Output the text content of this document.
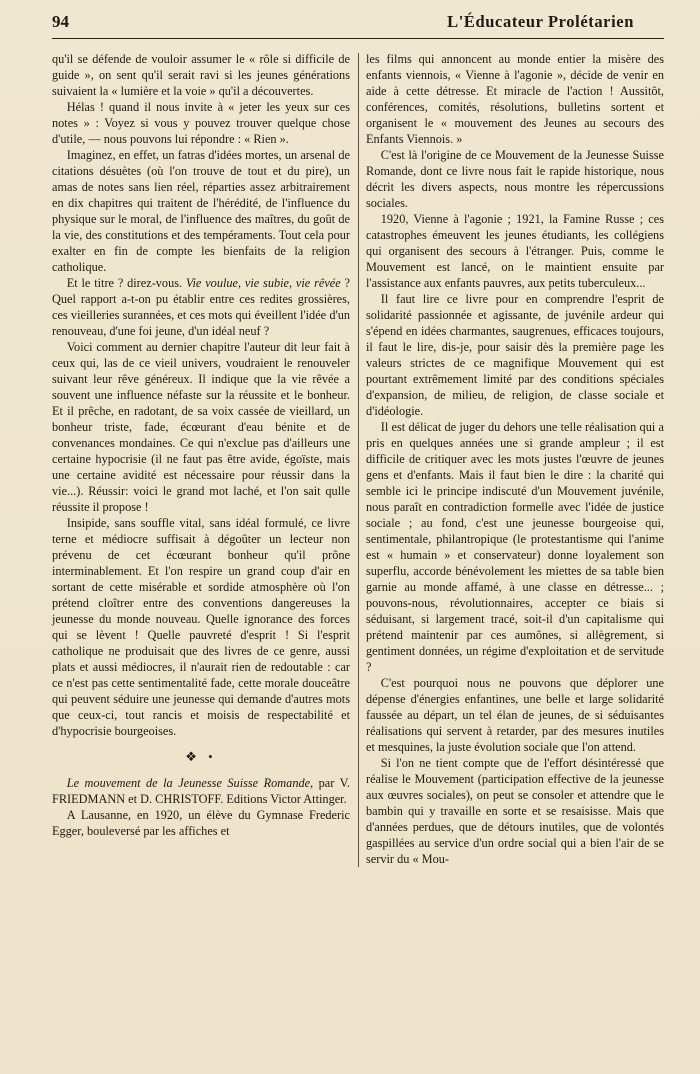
94	L'Éducateur Prolétarien

qu'il se défende de vouloir assumer le « rôle si difficile de guide », on sent qu'il serait ravi si les jeunes générations suivaient la « lumière et la voie » qu'il a découvertes.

Hélas ! quand il nous invite à « jeter les yeux sur ces notes » : Voyez si vous y pouvez trouver quelque chose d'utile, — nous pouvons lui répondre : « Rien ».

Imaginez, en effet, un fatras d'idées mortes, un arsenal de citations désuètes (où l'on trouve de tout et du pire), un amas de notes sans lien réel, réparties assez arbitrairement en dix chapitres qui traitent de l'hérédité, de l'influence du physique sur le moral, de l'influence des maîtres, du goût de la vie, des constitutions et des tempéraments. Tout cela pour exalter en fin de compte les bienfaits de la religion catholique.

Et le titre ? direz-vous. Vie voulue, vie subie, vie rêvée ? Quel rapport a-t-on pu établir entre ces redites grossières, ces vieilleries surannées, et ces mots qui éveillent l'idée d'un renouveau, d'une foi jeune, d'un idéal neuf ?

Voici comment au dernier chapitre l'auteur dit leur fait à ceux qui, las de ce vieil univers, voudraient le renouveler suivant leur rêve généreux. Il indique que la vie rêvée a souvent une influence néfaste sur la réussite et le bonheur. Et il prêche, en radotant, de sa voix cassée de vieillard, un bonheur triste, fade, écœurant d'eau bénite et de convenances mondaines. Ce qui n'exclue pas d'ailleurs une certaine hypocrisie (il ne faut pas être avide, égoïste, mais une certaine avidité est nécessaire pour réussir dans la vie...). Réussir: voici le grand mot laché, et l'on sait qulle réussite il propose !

Insipide, sans souffle vital, sans idéal formulé, ce livre terne et médiocre suffisait à dégoûter un lecteur non prévenu de cet écœurant bonheur qu'il prône interminablement. Et l'on respire un grand coup d'air en sortant de cette misérable et sordide atmosphère où l'on prétend cloîtrer entre des conventions dangereuses la jeunesse du monde nouveau. Quelle ignorance des forces qui se lèvent ! Quelle pauvreté d'esprit ! Si l'esprit catholique ne produisait que des livres de ce genre, aussi plats et aussi médiocres, il n'aurait rien de redoutable : car ce n'est pas cette sentimentalité fade, cette morale douceâtre qui peuvent séduire une jeunesse qui demande d'autres mots que ceux-ci, tout rancis et moisis de respectabilité et d'hypocrisie bourgeoises.

❖ •

Le mouvement de la Jeunesse Suisse Romande, par V. FRIEDMANN et D. CHRISTOFF. Editions Victor Attinger.

A Lausanne, en 1920, un élève du Gymnase Frederic Egger, bouleversé par les affiches et

les films qui annoncent au monde entier la misère des enfants viennois, « Vienne à l'agonie », décide de venir en aide à cette détresse. Et miracle de l'action ! Aussitôt, conférences, comités, résolutions, bulletins sortent et organisent le « mouvement des Jeunes au secours des Enfants Viennois. »

C'est là l'origine de ce Mouvement de la Jeunesse Suisse Romande, dont ce livre nous fait le rapide historique, nous décrit les divers aspects, nous montre les répercussions sociales.

1920, Vienne à l'agonie ; 1921, la Famine Russe ; ces catastrophes émeuvent les jeunes étudiants, les collégiens qui organisent des secours à l'étranger. Puis, comme le Mouvement est lancé, on le maintient ensuite par l'assistance aux enfants pauvres, aux petits tuberculeux...

Il faut lire ce livre pour en comprendre l'esprit de solidarité passionnée et agissante, de juvénile ardeur qui s'épend en idées charmantes, saugrenues, efficaces toujours, il faut le lire, dis-je, pour saisir dès la première page les valeurs strictes de ce magnifique Mouvement qui est pourtant extrêmement limité par des conditions spéciales d'expansion, de milieu, de religion, de classe sociale et d'idéologie.

Il est délicat de juger du dehors une telle réalisation qui a pris en quelques années une si grande ampleur ; il est difficile de critiquer avec les mots justes l'œuvre de jeunes gens et d'enfants. Mais il faut bien le dire : la charité qui semble ici le principe indiscuté d'un Mouvement juvénile, nous paraît en contradiction formelle avec l'idée de justice sociale ; au fond, c'est une jeunesse bourgeoise qui, sentimentale, philantropique (le protestantisme qui l'anime est « humain » et conservateur) donne loyalement son superflu, accorde bénévolement les miettes de sa table bien garnie au monde affamé, à une classe en détresse... ; pouvons-nous, révolutionnaires, accepter ce biais si séduisant, si largement tracé, soit-il d'un capitalisme qui prétend maintenir par ces aumônes, si allègrement, si gentiment données, un régime d'exploitation et de servitude ?

C'est pourquoi nous ne pouvons que déplorer une dépense d'énergies enfantines, une belle et large solidarité faussée au départ, un tel élan de jeunes, de si séduisantes réalisations qui servent à retarder, par des mesures inutiles et mesquines, la juste évolution sociale que l'on attend.

Si l'on ne tient compte que de l'effort désintéressé que réalise le Mouvement (participation effective de la jeunesse aux œuvres sociales), on peut se consoler et attendre que le bambin qui y travaille en sorte et se resaisisse. Mais que d'années perdues, que de détours inutiles, que de volontés gaspillées au service d'un ordre social qui a bien l'air de se servir du « Mou-
